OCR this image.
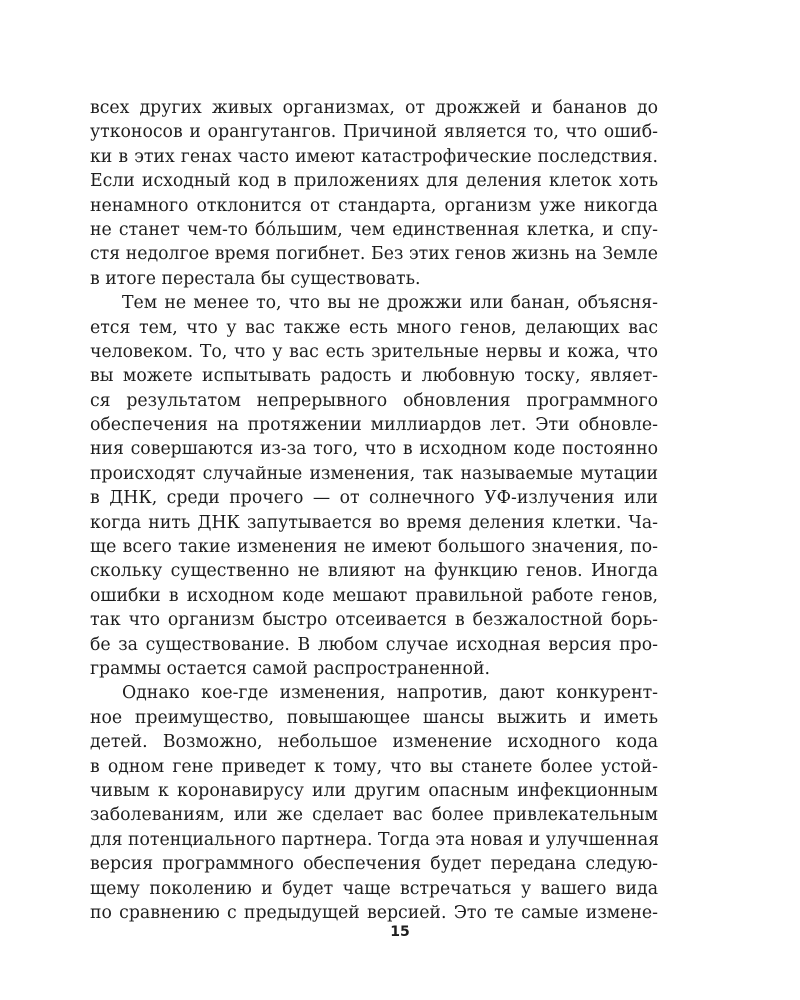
всех других живых организмах, от дрожжей и бананов до
утконосов и орангутангов. Причиной является то, что ошиб-
ки в этих генах часто имеют катастрофические последствия.
Если исходный код в приложениях для деления клеток хоть
ненамного отклонится от стандарта, организм уже никогда
не станет чем-то бо́льшим, чем единственная клетка, и спу-
стя недолгое время погибнет. Без этих генов жизнь на Земле
в итоге перестала бы существовать.
Тем не менее то, что вы не дрожжи или банан, объясня-
ется тем, что у вас также есть много генов, делающих вас
человеком. То, что у вас есть зрительные нервы и кожа, что
вы можете испытывать радость и любовную тоску, являет-
ся результатом непрерывного обновления программного
обеспечения на протяжении миллиардов лет. Эти обновле-
ния совершаются из-за того, что в исходном коде постоянно
происходят случайные изменения, так называемые мутации
в ДНК, среди прочего — от солнечного УФ-излучения или
когда нить ДНК запутывается во время деления клетки. Ча-
ще всего такие изменения не имеют большого значения, по-
скольку существенно не влияют на функцию генов. Иногда
ошибки в исходном коде мешают правильной работе генов,
так что организм быстро отсеивается в безжалостной борь-
бе за существование. В любом случае исходная версия про-
граммы остается самой распространенной.
Однако кое-где изменения, напротив, дают конкурент-
ное преимущество, повышающее шансы выжить и иметь
детей. Возможно, небольшое изменение исходного кода
в одном гене приведет к тому, что вы станете более устой-
чивым к коронавирусу или другим опасным инфекционным
заболеваниям, или же сделает вас более привлекательным
для потенциального партнера. Тогда эта новая и улучшенная
версия программного обеспечения будет передана следую-
щему поколению и будет чаще встречаться у вашего вида
по сравнению с предыдущей версией. Это те самые измене-
15
